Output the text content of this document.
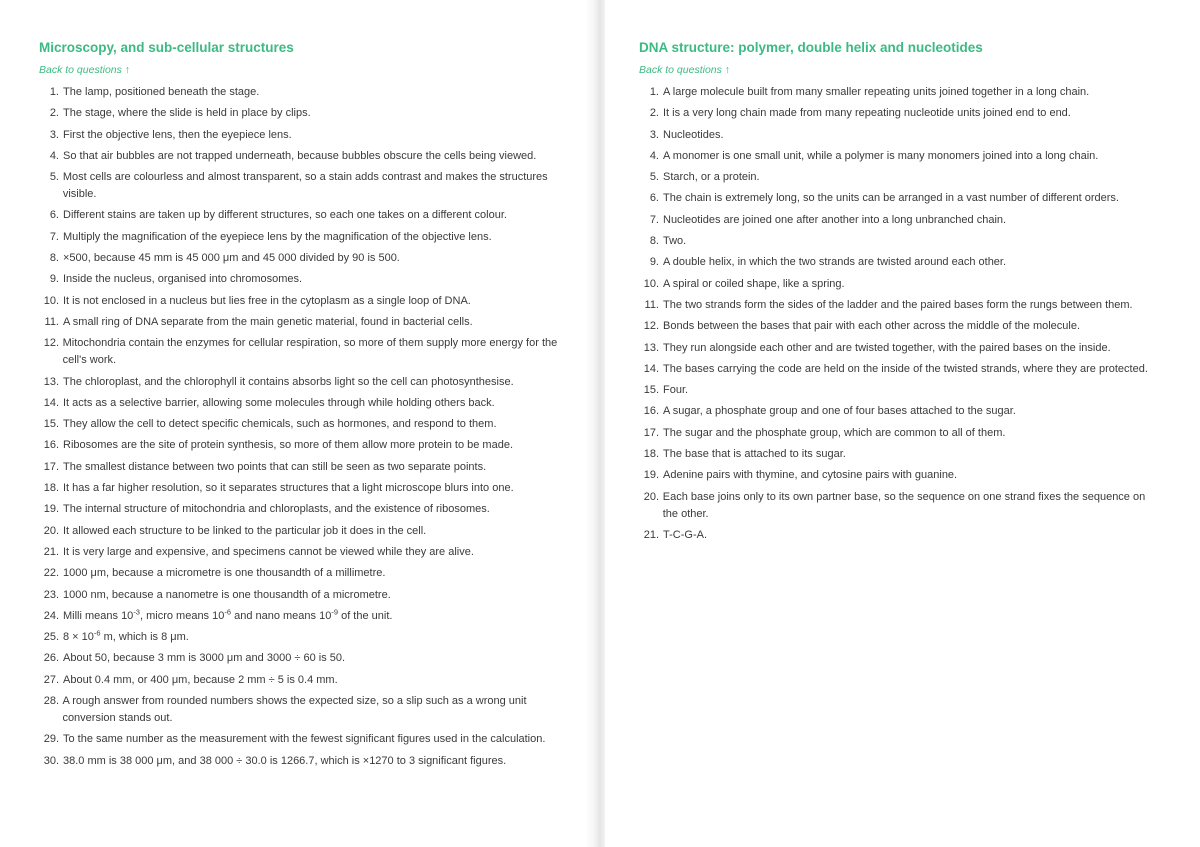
Microscopy, and sub-cellular structures
Back to questions ↑
1. The lamp, positioned beneath the stage.
2. The stage, where the slide is held in place by clips.
3. First the objective lens, then the eyepiece lens.
4. So that air bubbles are not trapped underneath, because bubbles obscure the cells being viewed.
5. Most cells are colourless and almost transparent, so a stain adds contrast and makes the structures visible.
6. Different stains are taken up by different structures, so each one takes on a different colour.
7. Multiply the magnification of the eyepiece lens by the magnification of the objective lens.
8. ×500, because 45 mm is 45 000 μm and 45 000 divided by 90 is 500.
9. Inside the nucleus, organised into chromosomes.
10. It is not enclosed in a nucleus but lies free in the cytoplasm as a single loop of DNA.
11. A small ring of DNA separate from the main genetic material, found in bacterial cells.
12. Mitochondria contain the enzymes for cellular respiration, so more of them supply more energy for the cell's work.
13. The chloroplast, and the chlorophyll it contains absorbs light so the cell can photosynthesise.
14. It acts as a selective barrier, allowing some molecules through while holding others back.
15. They allow the cell to detect specific chemicals, such as hormones, and respond to them.
16. Ribosomes are the site of protein synthesis, so more of them allow more protein to be made.
17. The smallest distance between two points that can still be seen as two separate points.
18. It has a far higher resolution, so it separates structures that a light microscope blurs into one.
19. The internal structure of mitochondria and chloroplasts, and the existence of ribosomes.
20. It allowed each structure to be linked to the particular job it does in the cell.
21. It is very large and expensive, and specimens cannot be viewed while they are alive.
22. 1000 μm, because a micrometre is one thousandth of a millimetre.
23. 1000 nm, because a nanometre is one thousandth of a micrometre.
24. Milli means $10^{-3}$, micro means $10^{-6}$ and nano means $10^{-9}$ of the unit.
25. $8 \times 10^{-6}$ m, which is 8 μm.
26. About 50, because 3 mm is 3000 μm and 3000 ÷ 60 is 50.
27. About 0.4 mm, or 400 μm, because 2 mm ÷ 5 is 0.4 mm.
28. A rough answer from rounded numbers shows the expected size, so a slip such as a wrong unit conversion stands out.
29. To the same number as the measurement with the fewest significant figures used in the calculation.
30. 38.0 mm is 38 000 μm, and 38 000 ÷ 30.0 is 1266.7, which is ×1270 to 3 significant figures.
DNA structure: polymer, double helix and nucleotides
Back to questions ↑
1. A large molecule built from many smaller repeating units joined together in a long chain.
2. It is a very long chain made from many repeating nucleotide units joined end to end.
3. Nucleotides.
4. A monomer is one small unit, while a polymer is many monomers joined into a long chain.
5. Starch, or a protein.
6. The chain is extremely long, so the units can be arranged in a vast number of different orders.
7. Nucleotides are joined one after another into a long unbranched chain.
8. Two.
9. A double helix, in which the two strands are twisted around each other.
10. A spiral or coiled shape, like a spring.
11. The two strands form the sides of the ladder and the paired bases form the rungs between them.
12. Bonds between the bases that pair with each other across the middle of the molecule.
13. They run alongside each other and are twisted together, with the paired bases on the inside.
14. The bases carrying the code are held on the inside of the twisted strands, where they are protected.
15. Four.
16. A sugar, a phosphate group and one of four bases attached to the sugar.
17. The sugar and the phosphate group, which are common to all of them.
18. The base that is attached to its sugar.
19. Adenine pairs with thymine, and cytosine pairs with guanine.
20. Each base joins only to its own partner base, so the sequence on one strand fixes the sequence on the other.
21. T-C-G-A.
